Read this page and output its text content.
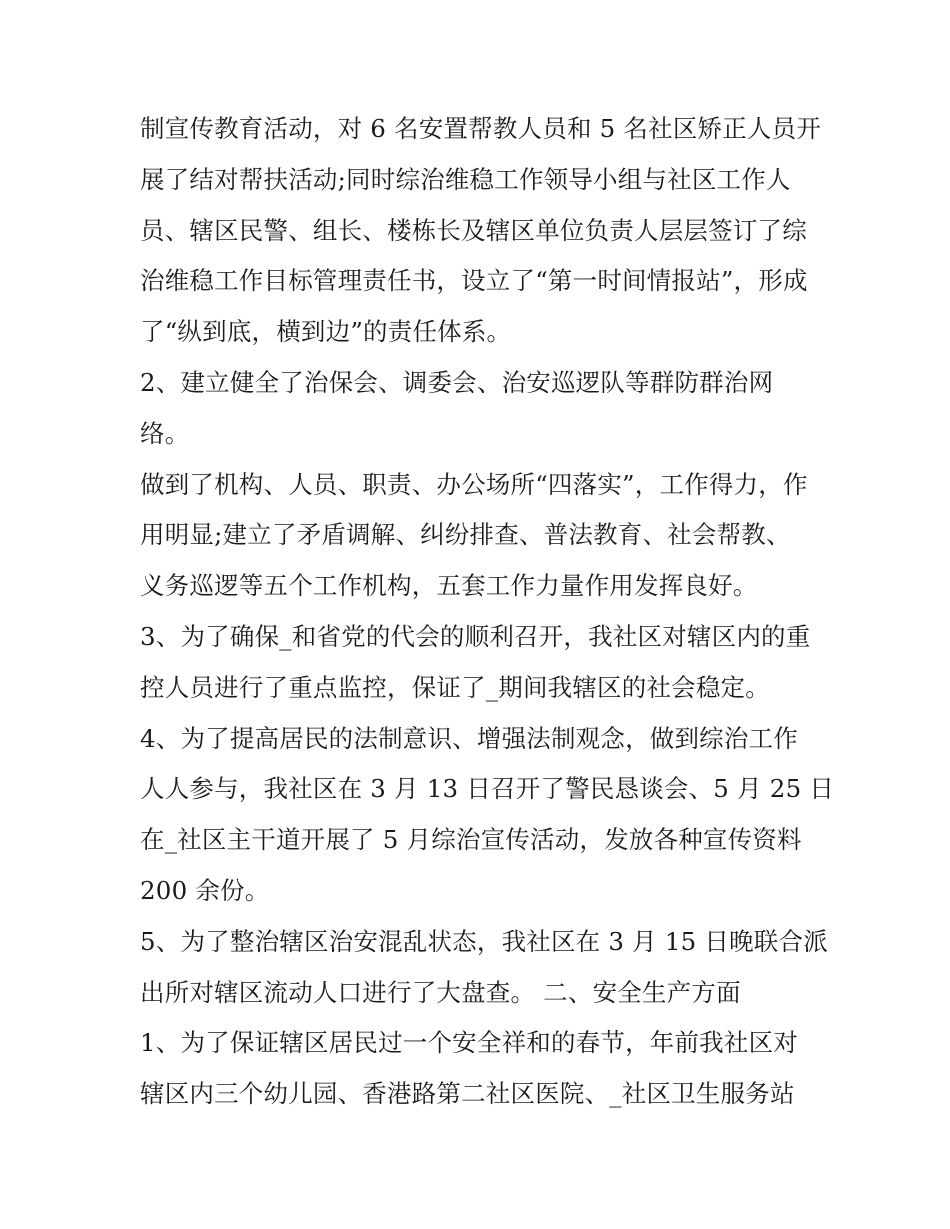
制宣传教育活动，对 6 名安置帮教人员和 5 名社区矫正人员开
展了结对帮扶活动;同时综治维稳工作领导小组与社区工作人
员、辖区民警、组长、楼栋长及辖区单位负责人层层签订了综
治维稳工作目标管理责任书，设立了“第一时间情报站”，形成
了“纵到底，横到边”的责任体系。
2、建立健全了治保会、调委会、治安巡逻队等群防群治网
络。
做到了机构、人员、职责、办公场所“四落实”，工作得力，作
用明显;建立了矛盾调解、纠纷排查、普法教育、社会帮教、
义务巡逻等五个工作机构，五套工作力量作用发挥良好。
3、为了确保_和省党的代会的顺利召开，我社区对辖区内的重
控人员进行了重点监控，保证了_期间我辖区的社会稳定。
4、为了提高居民的法制意识、增强法制观念，做到综治工作
人人参与，我社区在 3 月 13 日召开了警民恳谈会、5 月 25 日
在_社区主干道开展了 5 月综治宣传活动，发放各种宣传资料
200 余份。
5、为了整治辖区治安混乱状态，我社区在 3 月 15 日晚联合派
出所对辖区流动人口进行了大盘查。 二、安全生产方面
1、为了保证辖区居民过一个安全祥和的春节，年前我社区对
辖区内三个幼儿园、香港路第二社区医院、_社区卫生服务站
